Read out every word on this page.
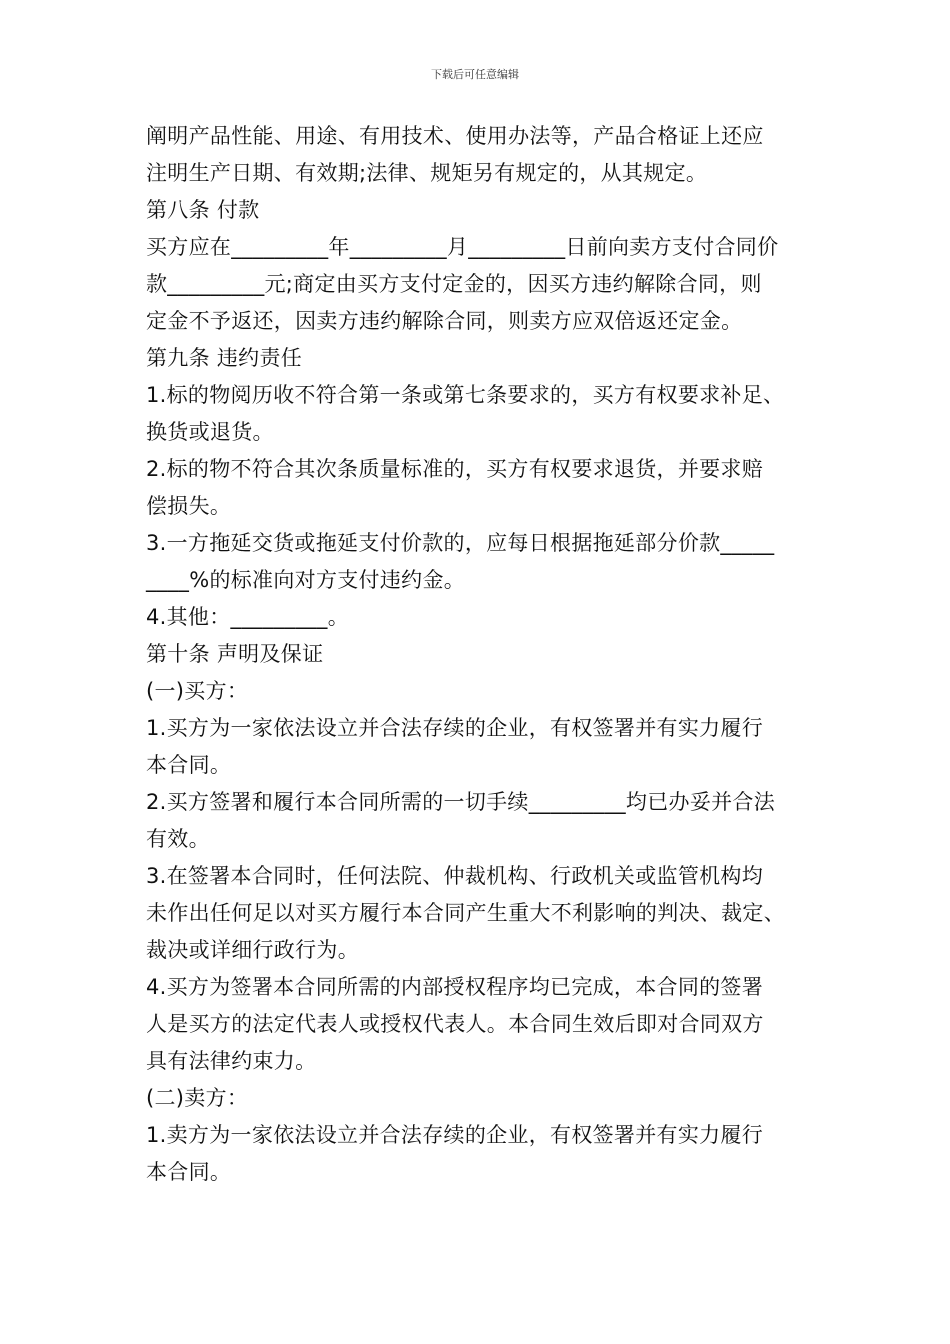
下载后可任意编辑
阐明产品性能、用途、有用技术、使用办法等，产品合格证上还应
注明生产日期、有效期;法律、规矩另有规定的，从其规定。
第八条 付款
买方应在_________年_________月_________日前向卖方支付合同价
款_________元;商定由买方支付定金的，因买方违约解除合同，则
定金不予返还，因卖方违约解除合同，则卖方应双倍返还定金。
第九条 违约责任
1.标的物阅历收不符合第一条或第七条要求的，买方有权要求补足、
换货或退货。
2.标的物不符合其次条质量标准的，买方有权要求退货，并要求赔
偿损失。
3.一方拖延交货或拖延支付价款的，应每日根据拖延部分价款_____
____%的标准向对方支付违约金。
4.其他：_________。
第十条 声明及保证
(一)买方：
1.买方为一家依法设立并合法存续的企业，有权签署并有实力履行
本合同。
2.买方签署和履行本合同所需的一切手续_________均已办妥并合法
有效。
3.在签署本合同时，任何法院、仲裁机构、行政机关或监管机构均
未作出任何足以对买方履行本合同产生重大不利影响的判决、裁定、
裁决或详细行政行为。
4.买方为签署本合同所需的内部授权程序均已完成，本合同的签署
人是买方的法定代表人或授权代表人。本合同生效后即对合同双方
具有法律约束力。
(二)卖方：
1.卖方为一家依法设立并合法存续的企业，有权签署并有实力履行
本合同。
